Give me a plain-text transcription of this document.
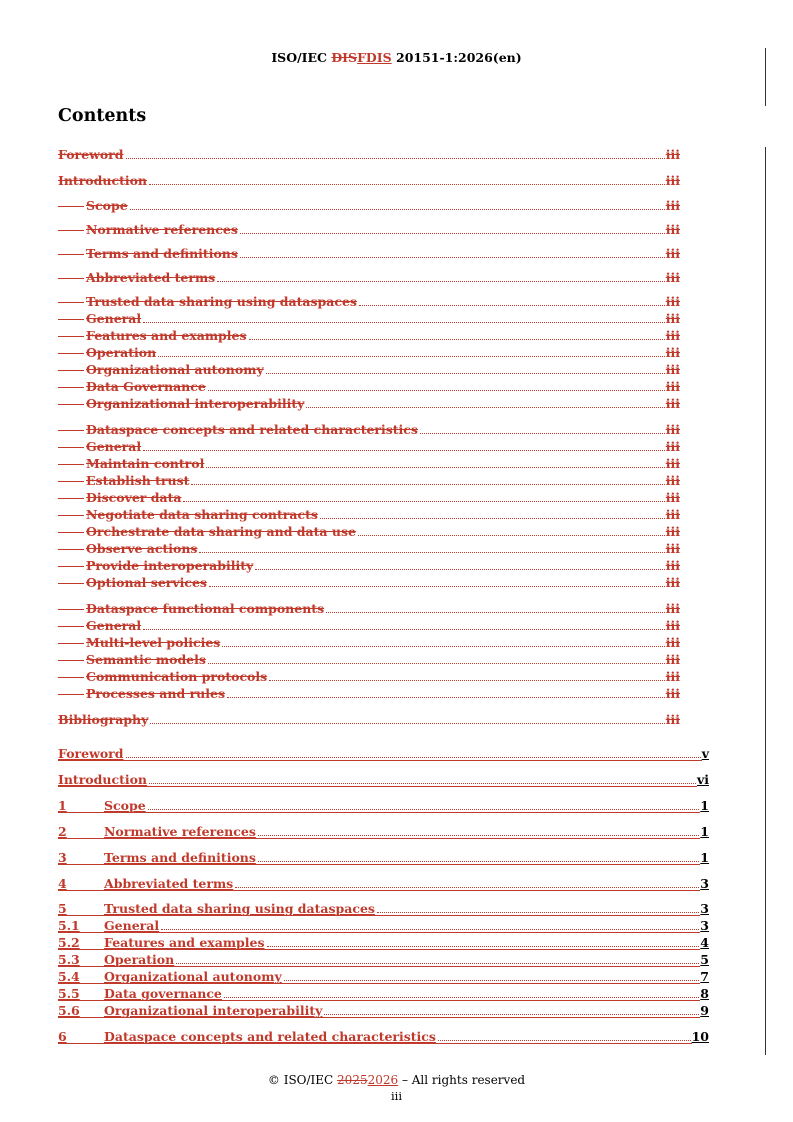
ISO/IEC DISFDIS 20151-1:2026(en)
Contents
Foreword	iii
Introduction	iii
Scope	iii
Normative references	iii
Terms and definitions	iii
Abbreviated terms	iii
Trusted data sharing using dataspaces	iii
General	iii
Features and examples	iii
Operation	iii
Organizational autonomy	iii
Data Governance	iii
Organizational interoperability	iii
Dataspace concepts and related characteristics	iii
General	iii
Maintain control	iii
Establish trust	iii
Discover data	iii
Negotiate data sharing contracts	iii
Orchestrate data sharing and data use	iii
Observe actions	iii
Provide interoperability	iii
Optional services	iii
Dataspace functional components	iii
General	iii
Multi-level policies	iii
Semantic models	iii
Communication protocols	iii
Processes and rules	iii
Bibliography	iii
Foreword	v
Introduction	vi
1	Scope	1
2	Normative references	1
3	Terms and definitions	1
4	Abbreviated terms	3
5	Trusted data sharing using dataspaces	3
5.1 General	3
5.2 Features and examples	4
5.3 Operation	5
5.4 Organizational autonomy	7
5.5 Data governance	8
5.6 Organizational interoperability	9
6	Dataspace concepts and related characteristics	10
© ISO/IEC 20252026 – All rights reserved
iii
